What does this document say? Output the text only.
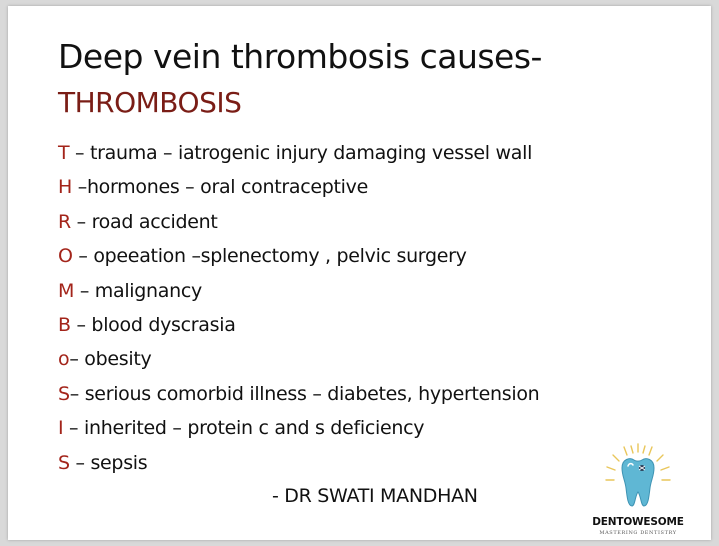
Deep vein thrombosis causes-
THROMBOSIS
T – trauma – iatrogenic injury damaging vessel wall
H –hormones – oral contraceptive
R – road accident
O – opeeation –splenectomy , pelvic surgery
M – malignancy
B – blood dyscrasia
o– obesity
S– serious comorbid illness – diabetes, hypertension
I – inherited – protein c and s deficiency
S – sepsis
- DR SWATI MANDHAN
DENTOWESOME
MASTERING DENTISTRY
